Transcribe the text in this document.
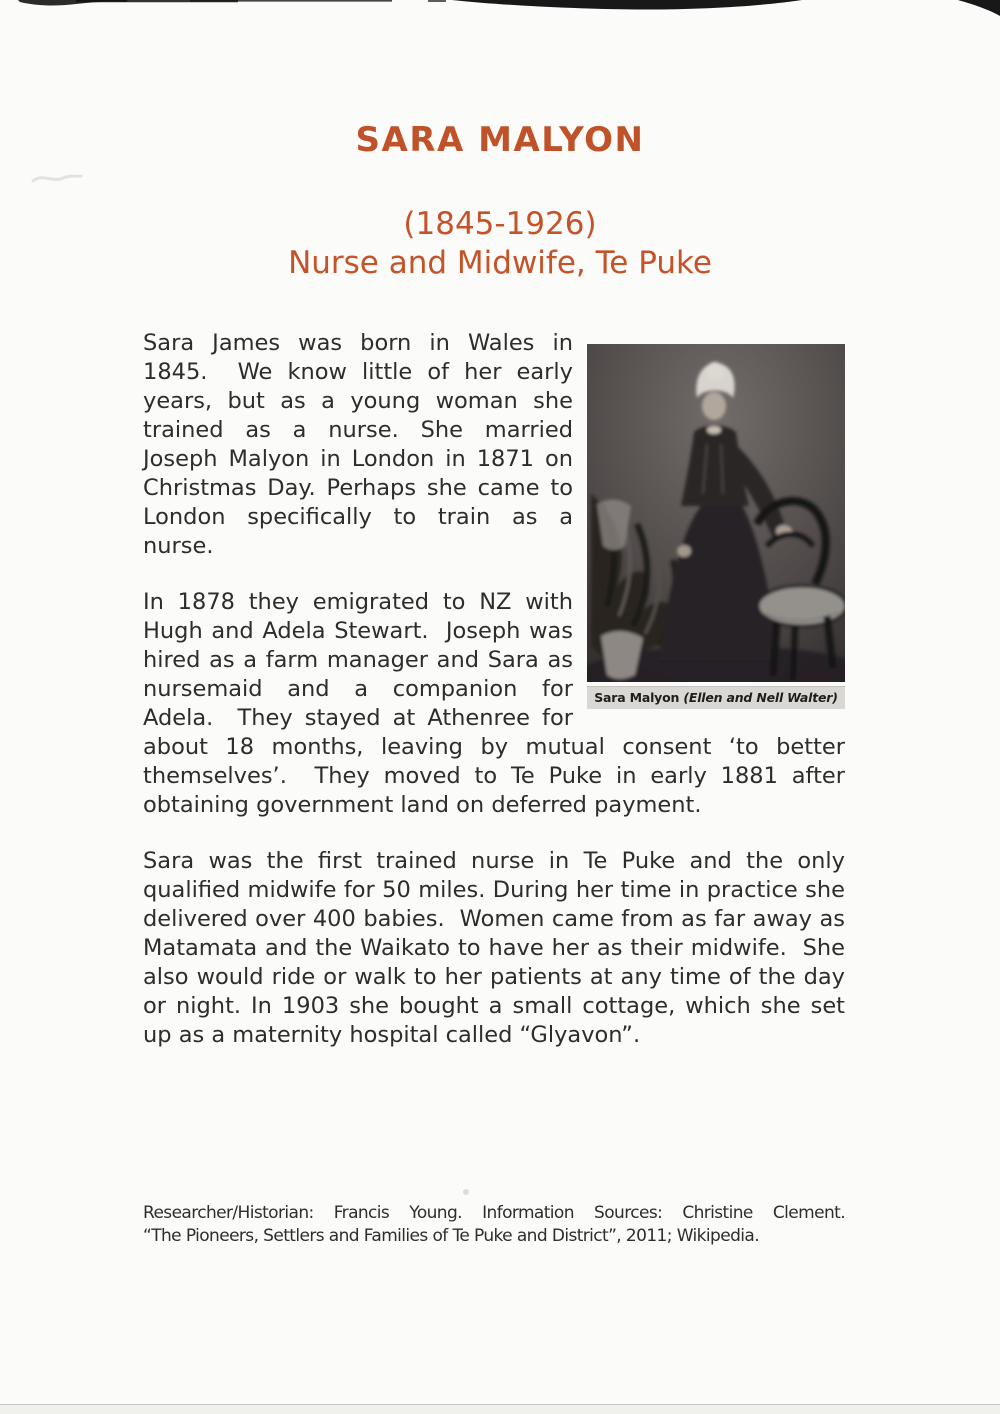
SARA MALYON
(1845-1926)
Nurse and Midwife, Te Puke
Sara Malyon (Ellen and Nell Walter)

Sara James was born in Wales in 1845.  We know little of her early years, but as a young woman she trained as a nurse. She married Joseph Malyon in London in 1871 on Christmas Day. Perhaps she came to London specifically to train as a nurse.

In 1878 they emigrated to NZ with Hugh and Adela Stewart.  Joseph was hired as a farm manager and Sara as nursemaid and a companion for Adela.  They stayed at Athenree for about 18 months, leaving by mutual consent ‘to better themselves’.  They moved to Te Puke in early 1881 after obtaining government land on deferred payment.

Sara was the first trained nurse in Te Puke and the only qualified midwife for 50 miles. During her time in practice she delivered over 400 babies.  Women came from as far away as Matamata and the Waikato to have her as their midwife.  She also would ride or walk to her patients at any time of the day or night. In 1903 she bought a small cottage, which she set up as a maternity hospital called “Glyavon”.

Researcher/Historian: Francis Young. Information Sources: Christine Clement.
“The Pioneers, Settlers and Families of Te Puke and District”, 2011; Wikipedia.
